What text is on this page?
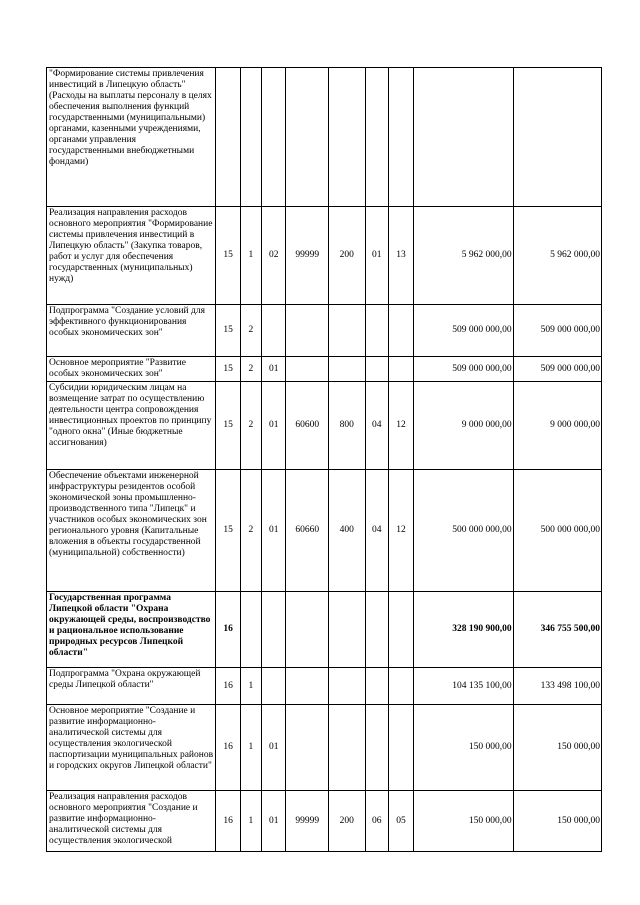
"Формирование системы привлечения инвестиций в Липецкую область" (Расходы на выплаты персоналу в целях обеспечения выполнения функций государственными (муниципальными) органами, казенными учреждениями, органами управления государственными внебюджетными фондами)									
Реализация направления расходов основного мероприятия "Формирование системы привлечения инвестиций в Липецкую область" (Закупка товаров, работ и услуг для обеспечения государственных (муниципальных) нужд)	15	1	02	99999	200	01	13	5 962 000,00	5 962 000,00
Подпрограмма "Создание условий для эффективного функционирования особых экономических зон"	15	2						509 000 000,00	509 000 000,00
Основное мероприятие "Развитие особых экономических зон"	15	2	01					509 000 000,00	509 000 000,00
Субсидии юридическим лицам на возмещение затрат по осуществлению деятельности центра сопровождения инвестиционных проектов по принципу "одного окна" (Иные бюджетные ассигнования)	15	2	01	60600	800	04	12	9 000 000,00	9 000 000,00
Обеспечение объектами инженерной инфраструктуры резидентов особой экономической зоны промышленно-производственного типа "Липецк" и участников особых экономических зон регионального уровня (Капитальные вложения в объекты государственной (муниципальной) собственности)	15	2	01	60660	400	04	12	500 000 000,00	500 000 000,00
Государственная программа Липецкой области "Охрана окружающей среды, воспроизводство и рациональное использование природных ресурсов Липецкой области"	16							328 190 900,00	346 755 500,00
Подпрограмма "Охрана окружающей среды Липецкой области"	16	1						104 135 100,00	133 498 100,00
Основное мероприятие "Создание и развитие информационно-аналитической системы для осуществления экологической паспортизации муниципальных районов и городских округов Липецкой области"	16	1	01					150 000,00	150 000,00
Реализация направления расходов основного мероприятия "Создание и развитие информационно-аналитической системы для осуществления экологической	16	1	01	99999	200	06	05	150 000,00	150 000,00
